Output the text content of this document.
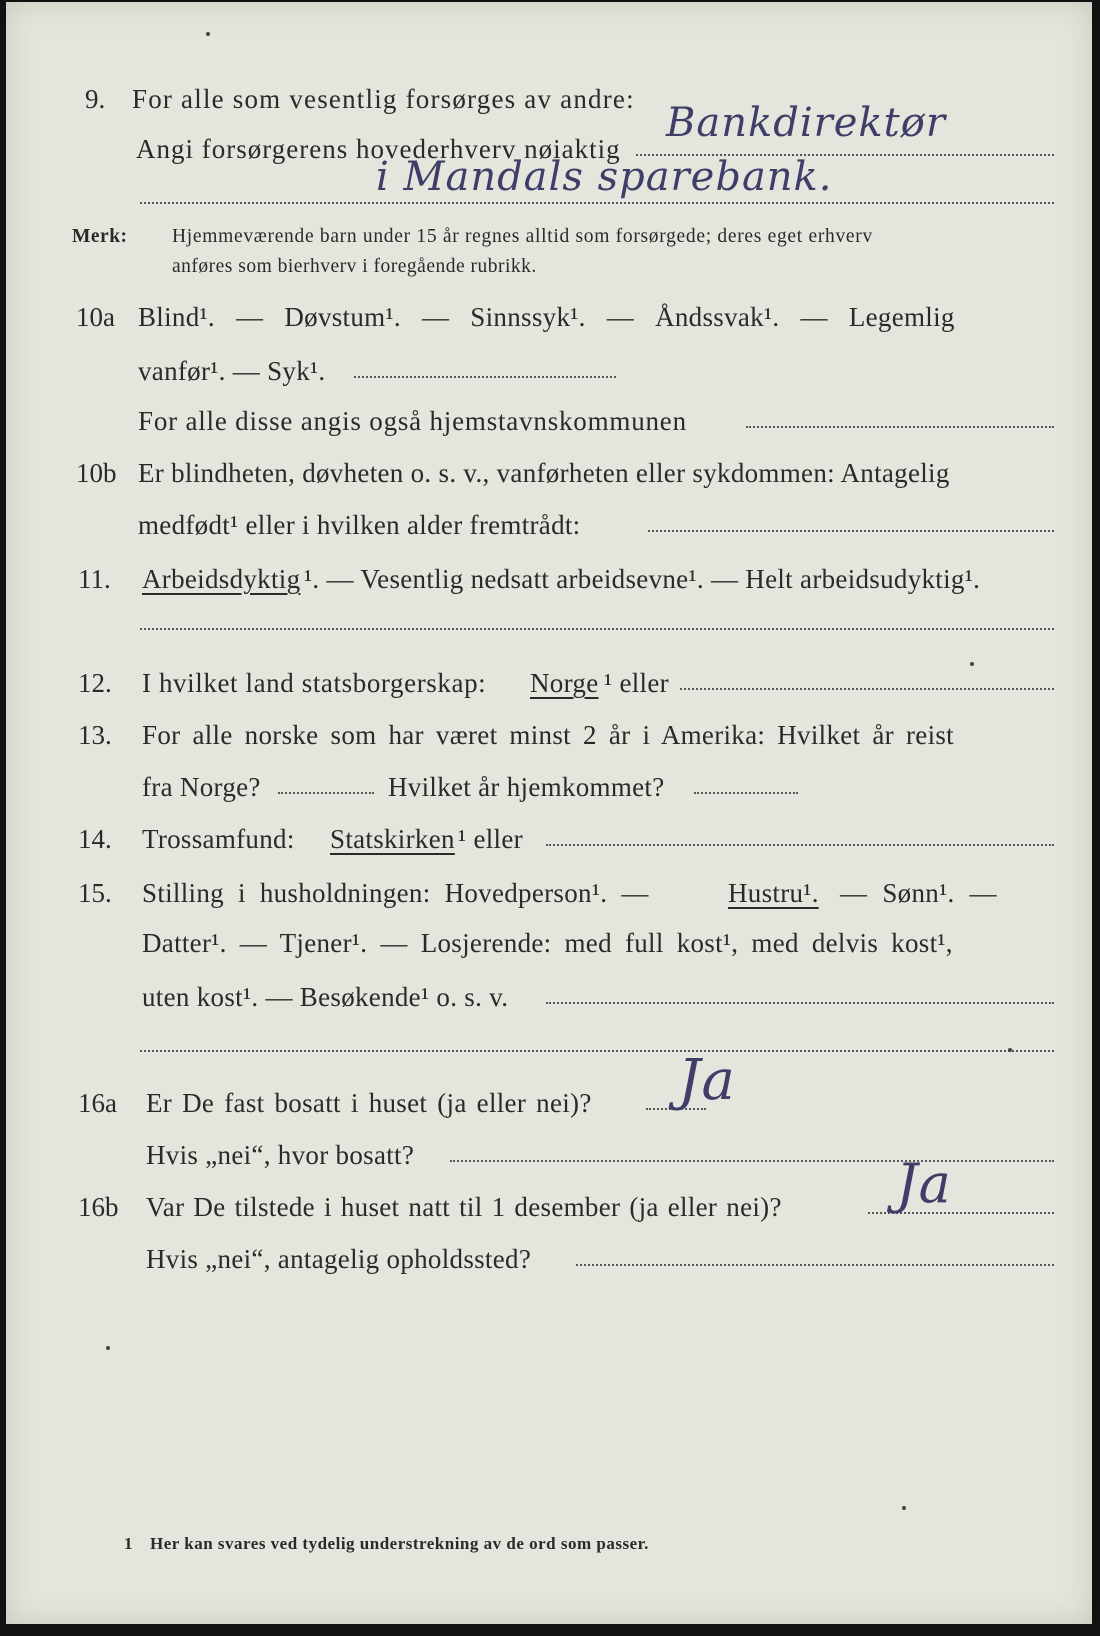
9. For alle som vesentlig forsørges av andre:
Angi forsørgerens hovederhverv nøiaktig
Bankdirektør
i Mandals sparebank.
Merk: Hjemmeværende barn under 15 år regnes alltid som forsørgede; deres eget erhverv
anføres som bierhverv i foregående rubrikk.
10a Blind¹. — Døvstum¹. — Sinnssyk¹. — Åndssvak¹. — Legemlig
vanfør¹. — Syk¹.
For alle disse angis også hjemstavnskommunen
10b Er blindheten, døvheten o. s. v., vanførheten eller sykdommen: Antagelig
medfødt¹ eller i hvilken alder fremtrådt:
11. Arbeidsdyktig ¹. — Vesentlig nedsatt arbeidsevne¹. — Helt arbeidsudyktig¹.
12. I hvilket land statsborgerskap: Norge ¹ eller
13. For alle norske som har været minst 2 år i Amerika: Hvilket år reist
fra Norge?	Hvilket år hjemkommet?
14. Trossamfund: Statskirken ¹ eller
15. Stilling i husholdningen: Hovedperson¹. —	Hustru¹. — Sønn¹. —
Datter¹. — Tjener¹. — Losjerende: med full kost¹, med delvis kost¹,
uten kost¹. — Besøkende¹ o. s. v.
16a Er De fast bosatt i huset (ja eller nei)? Ja
Hvis „nei“, hvor bosatt?
16b Var De tilstede i huset natt til 1 desember (ja eller nei)? Ja
Hvis „nei“, antagelig opholdssted?
1 Her kan svares ved tydelig understrekning av de ord som passer.
